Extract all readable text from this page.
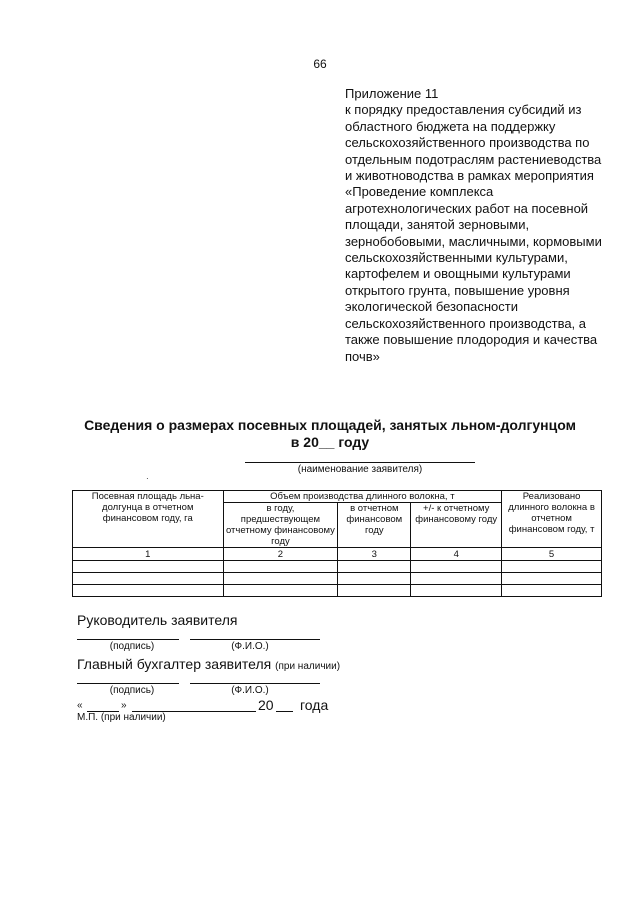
66

Приложение 11

к порядку предоставления субсидий из областного бюджета на поддержку сельскохозяйственного производства по отдельным подотраслям растениеводства и животноводства в рамках мероприятия «Проведение комплекса агротехнологических работ на посевной площади, занятой зерновыми, зернобобовыми, масличными, кормовыми сельскохозяйственными культурами, картофелем и овощными культурами открытого грунта, повышение уровня экологической безопасности сельскохозяйственного производства, а также повышение плодородия и качества почв»

Сведения о размерах посевных площадей, занятых льном-долгунцом
в 20__ году
(наименование заявителя)
·
Посевная площадь льна-долгунца в отчетном финансовом году, га	Объем производства длинного волокна, т			Реализовано длинного волокна в отчетном финансовом году, т
	в году, предшествующем отчетному финансовому году	в отчетном финансовом году	+/- к отчетному финансовому году	
1	2	3	4	5

Руководитель заявителя
(подпись)	(Ф.И.О.)
Главный бухгалтер заявителя (при наличии)
(подпись)	(Ф.И.О.)
«	»	20 года
М.П. (при наличии)
